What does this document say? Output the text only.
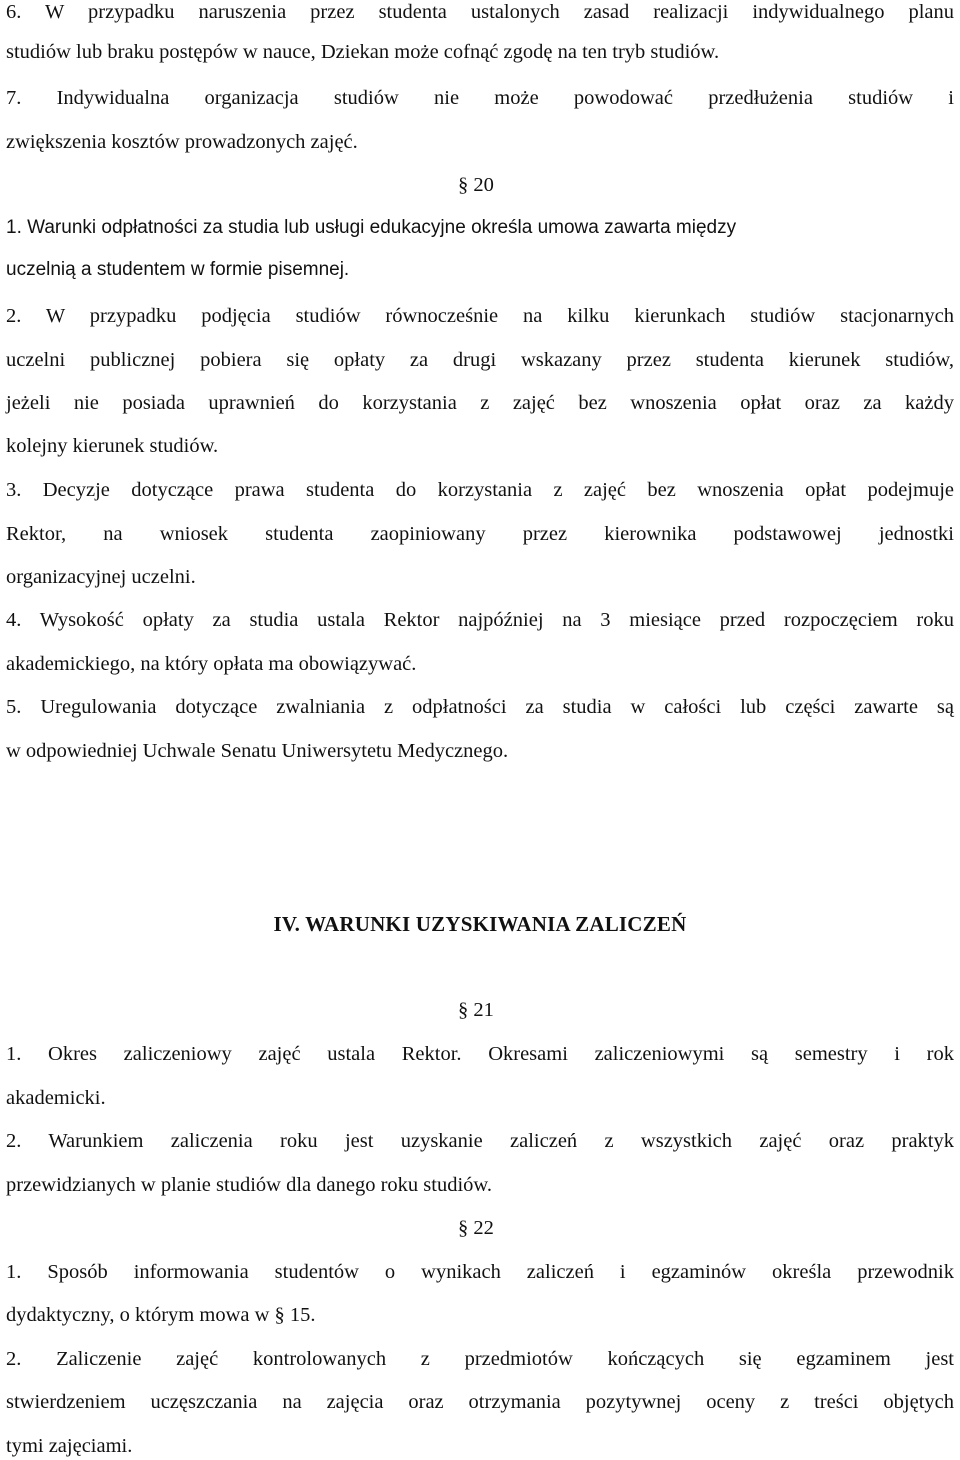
6. W przypadku naruszenia przez studenta ustalonych zasad realizacji indywidualnego planu
studiów lub braku postępów w nauce, Dziekan może cofnąć zgodę na ten tryb studiów.
7. Indywidualna organizacja studiów nie może powodować przedłużenia studiów i
zwiększenia kosztów prowadzonych zajęć.
§ 20
1. Warunki odpłatności za studia lub usługi edukacyjne określa umowa zawarta między
uczelnią a studentem w formie pisemnej.
2. W przypadku podjęcia studiów równocześnie na kilku kierunkach studiów stacjonarnych
uczelni publicznej pobiera się opłaty za drugi wskazany przez studenta kierunek studiów,
jeżeli nie posiada uprawnień do korzystania z zajęć bez wnoszenia opłat oraz za każdy
kolejny kierunek studiów.
3. Decyzje dotyczące prawa studenta do korzystania z zajęć bez wnoszenia opłat podejmuje
Rektor, na wniosek studenta zaopiniowany przez kierownika podstawowej jednostki
organizacyjnej uczelni.
4. Wysokość opłaty za studia ustala Rektor najpóźniej na 3 miesiące przed rozpoczęciem roku
akademickiego, na który opłata ma obowiązywać.
5. Uregulowania dotyczące zwalniania z odpłatności za studia w całości lub części zawarte są
w odpowiedniej Uchwale Senatu Uniwersytetu Medycznego.
IV. WARUNKI UZYSKIWANIA ZALICZEŃ
§ 21
1. Okres zaliczeniowy zajęć ustala Rektor. Okresami zaliczeniowymi są semestry i rok
akademicki.
2. Warunkiem zaliczenia roku jest uzyskanie zaliczeń z wszystkich zajęć oraz praktyk
przewidzianych w planie studiów dla danego roku studiów.
§ 22
1. Sposób informowania studentów o wynikach zaliczeń i egzaminów określa przewodnik
dydaktyczny, o którym mowa w § 15.
2. Zaliczenie zajęć kontrolowanych z przedmiotów kończących się egzaminem jest
stwierdzeniem uczęszczania na zajęcia oraz otrzymania pozytywnej oceny z treści objętych
tymi zajęciami.
